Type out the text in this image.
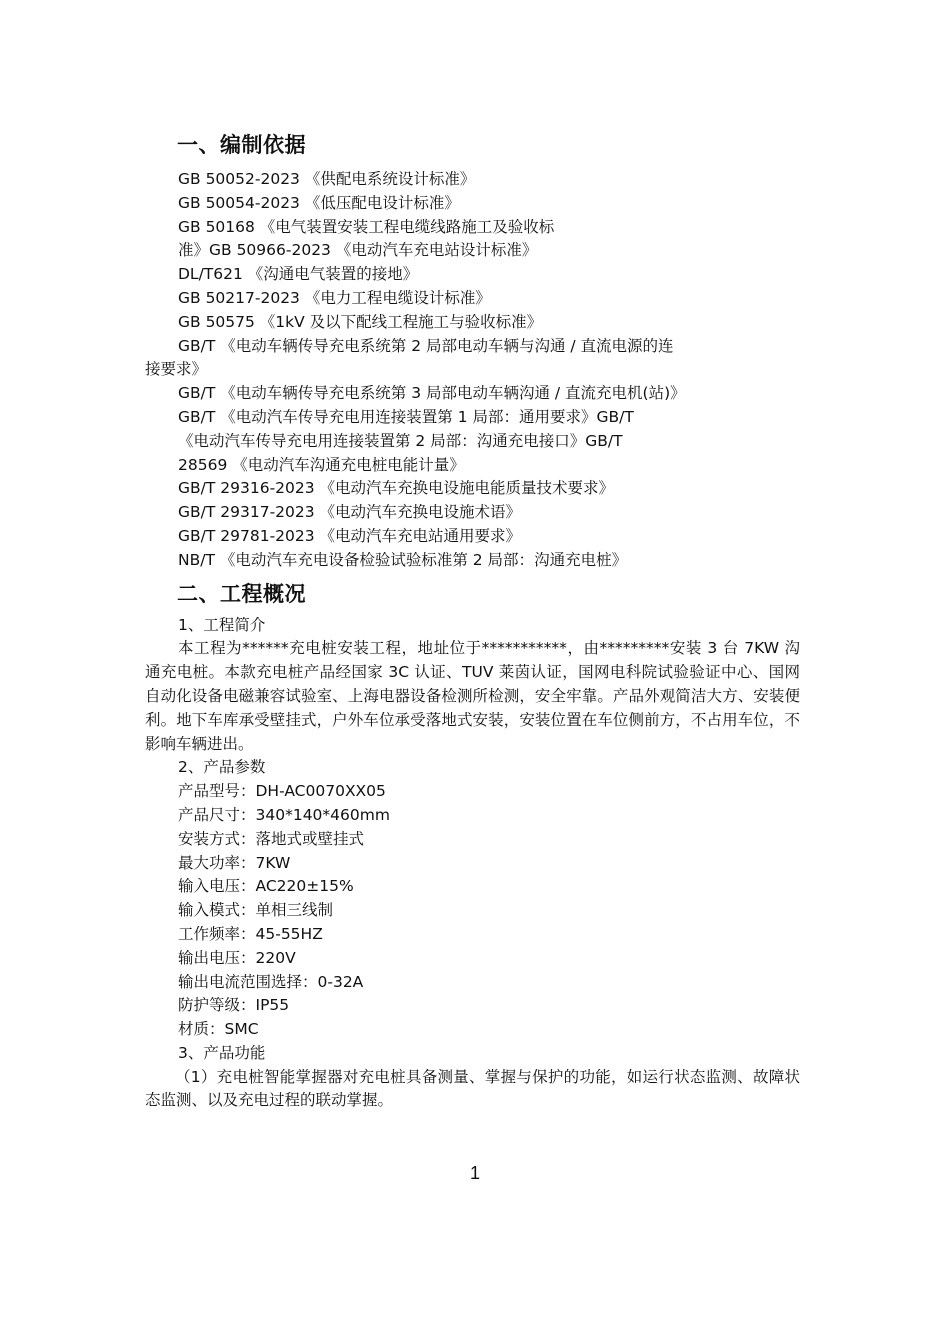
一、编制依据
GB 50052-2023 《供配电系统设计标准》
GB 50054-2023 《低压配电设计标准》
GB 50168 《电气装置安装工程电缆线路施工及验收标
准》GB 50966-2023 《电动汽车充电站设计标准》
DL/T621 《沟通电气装置的接地》
GB 50217-2023 《电力工程电缆设计标准》
GB 50575 《1kV 及以下配线工程施工与验收标准》
GB/T 《电动车辆传导充电系统第 2 局部电动车辆与沟通 / 直流电源的连
接要求》
GB/T 《电动车辆传导充电系统第 3 局部电动车辆沟通 / 直流充电机(站)》
GB/T 《电动汽车传导充电用连接装置第 1 局部：通用要求》GB/T
《电动汽车传导充电用连接装置第 2 局部：沟通充电接口》GB/T
28569 《电动汽车沟通充电桩电能计量》
GB/T 29316-2023 《电动汽车充换电设施电能质量技术要求》
GB/T 29317-2023 《电动汽车充换电设施术语》
GB/T 29781-2023 《电动汽车充电站通用要求》
NB/T 《电动汽车充电设备检验试验标准第 2 局部：沟通充电桩》
二、工程概况
1、工程简介
本工程为******充电桩安装工程，地址位于***********，由*********安装 3 台 7KW 沟通充电桩。本款充电桩产品经国家 3C 认证、TUV 莱茵认证，国网电科院试验验证中心、国网自动化设备电磁兼容试验室、上海电器设备检测所检测，安全牢靠。产品外观简洁大方、安装便利。地下车库承受壁挂式，户外车位承受落地式安装，安装位置在车位侧前方，不占用车位，不影响车辆进出。
2、产品参数
产品型号：DH-AC0070XX05
产品尺寸：340*140*460mm
安装方式：落地式或壁挂式
最大功率：7KW
输入电压：AC220±15%
输入模式：单相三线制
工作频率：45-55HZ
输出电压：220V
输出电流范围选择：0-32A
防护等级：IP55
材质：SMC
3、产品功能
（1）充电桩智能掌握器对充电桩具备测量、掌握与保护的功能，如运行状态监测、故障状态监测、以及充电过程的联动掌握。
1
